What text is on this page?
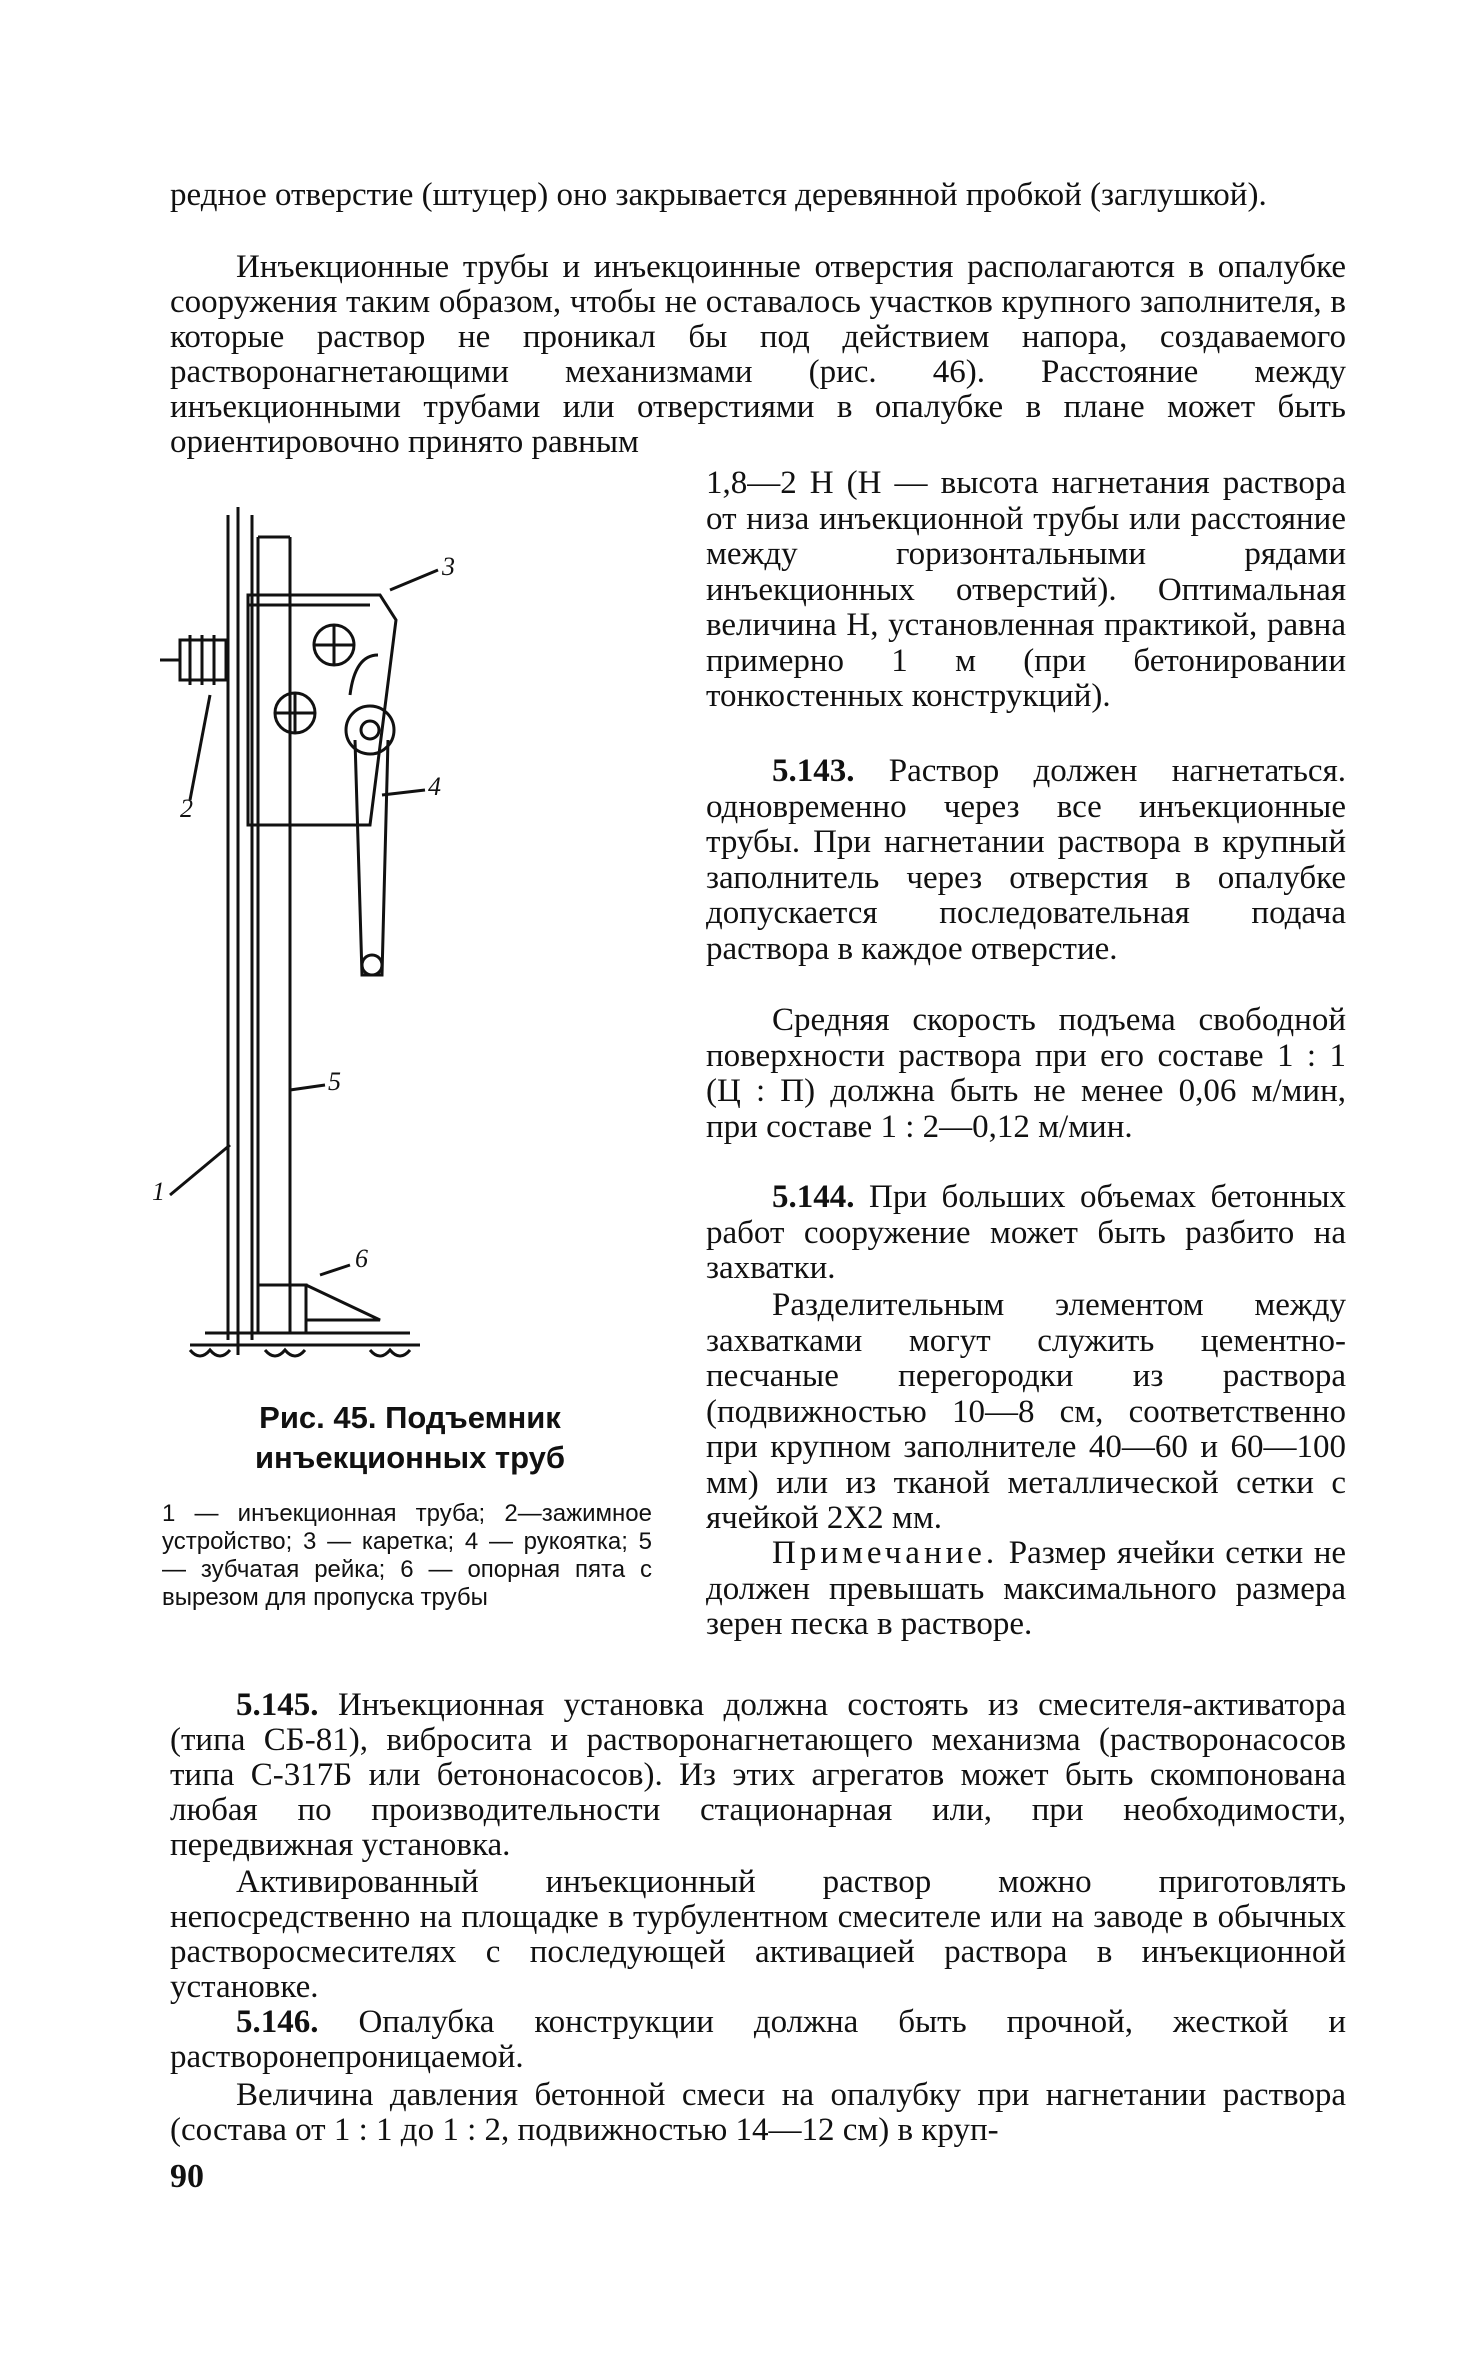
редное отверстие (штуцер) оно закрывается деревянной пробкой (заглушкой).

Инъекционные трубы и инъекцоинные отверстия располагаются в опалубке сооружения таким образом, чтобы не оставалось участков крупного заполнителя, в которые раствор не проникал бы под действием напора, создаваемого растворонагнетающими механизмами (рис. 46). Расстояние между инъекционными трубами или отверстиями в опалубке в плане может быть ориентировочно принято равным

1,8—2 H (H — высота нагнетания раствора от низа инъекционной трубы или расстояние между горизонтальными рядами инъекционных отверстий). Оптимальная величина H, установленная практикой, равна примерно 1 м (при бетонировании тонкостенных конструкций).

5.143. Раствор должен нагнетаться. одновременно через все инъекционные трубы. При нагнетании раствора в крупный заполнитель через отверстия в опалубке допускается последовательная подача раствора в каждое отверстие.

Средняя скорость подъема свободной поверхности раствора при его составе 1 : 1 (Ц : П) должна быть не менее 0,06 м/мин, при составе 1 : 2—0,12 м/мин.

5.144. При больших объемах бетонных работ сооружение может быть разбито на захватки.

Разделительным элементом между захватками могут служить цементно-песчаные перегородки из раствора (подвижностью 10—8 см, соответственно при крупном заполнителе 40—60 и 60—100 мм) или из тканой металлической сетки с ячейкой 2X2 мм.

Примечание. Размер ячейки сетки не должен превышать максимального размера зерен песка в растворе.

1
2
3
4
5
6
Рис. 45. Подъемник инъекционных труб
1 — инъекционная труба; 2—зажимное устройство; 3 — каретка; 4 — рукоятка; 5 — зубчатая рейка; 6 — опорная пята с вырезом для пропуска трубы

5.145. Инъекционная установка должна состоять из смесителя-активатора (типа СБ-81), вибросита и растворонагнетающего механизма (растворонасосов типа С-317Б или бетононасосов). Из этих агрегатов может быть скомпонована любая по производительности стационарная или, при необходимости, передвижная установка.

Активированный инъекционный раствор можно приготовлять непосредственно на площадке в турбулентном смесителе или на заводе в обычных растворосмесителях с последующей активацией раствора в инъекционной установке.

5.146. Опалубка конструкции должна быть прочной, жесткой и растворонепроницаемой.

Величина давления бетонной смеси на опалубку при нагнетании раствора (состава от 1 : 1 до 1 : 2, подвижностью 14—12 см) в круп-

90
